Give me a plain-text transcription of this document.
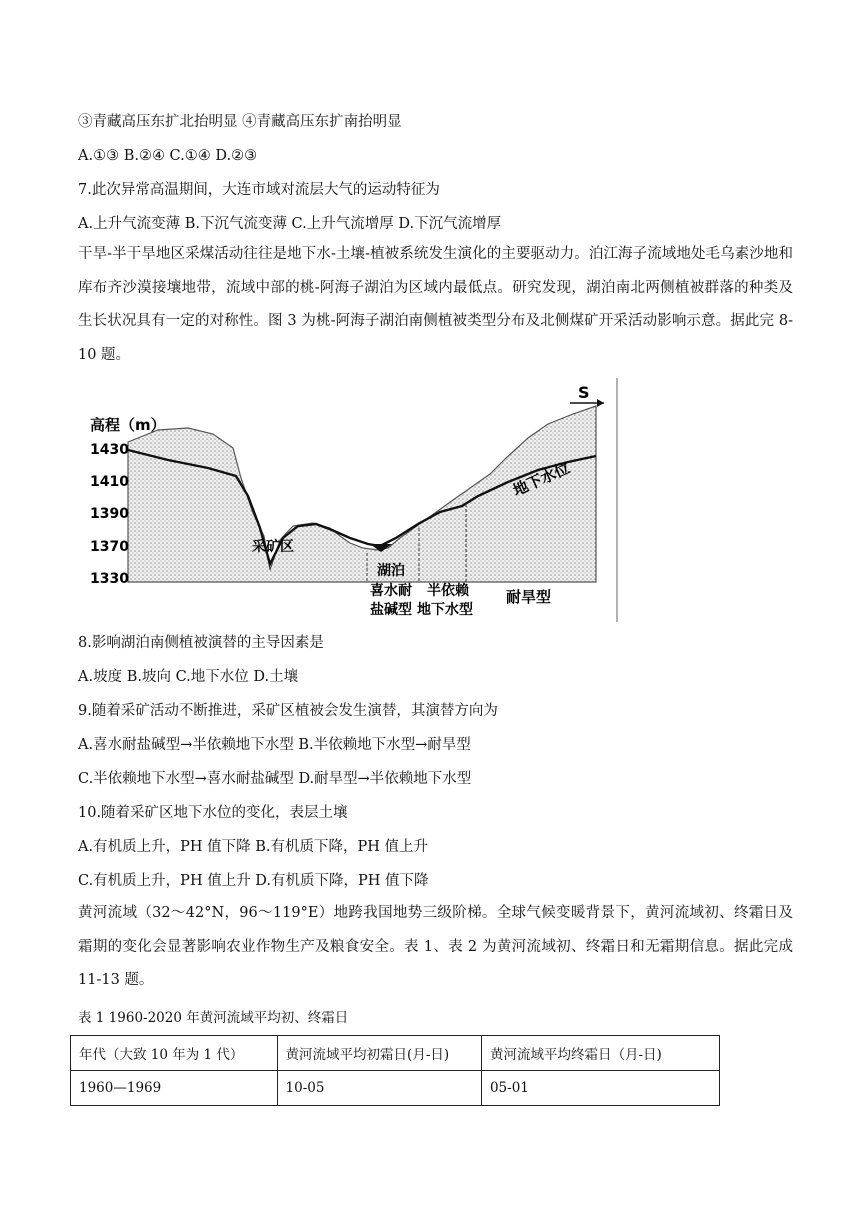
③青藏高压东扩北抬明显 ④青藏高压东扩南抬明显
A.①③ B.②④ C.①④ D.②③
7.此次异常高温期间，大连市域对流层大气的运动特征为
A.上升气流变薄 B.下沉气流变薄 C.上升气流增厚 D.下沉气流增厚
干旱-半干旱地区采煤活动往往是地下水-土壤-植被系统发生演化的主要驱动力。泊江海子流域地处毛乌素沙地和库布齐沙漠接壤地带，流域中部的桃-阿海子湖泊为区域内最低点。研究发现，湖泊南北两侧植被群落的种类及生长状况具有一定的对称性。图 3 为桃-阿海子湖泊南侧植被类型分布及北侧煤矿开采活动影响示意。据此完 8-10 题。
高程（m）
1430
1410
1390
1370
1330
S
采矿区
地下水位
湖泊
喜水耐
盐碱型
半依赖
地下水型
耐旱型
8.影响湖泊南侧植被演替的主导因素是
A.坡度 B.坡向 C.地下水位 D.土壤
9.随着采矿活动不断推进，采矿区植被会发生演替，其演替方向为
A.喜水耐盐碱型→半依赖地下水型 B.半依赖地下水型→耐旱型
C.半依赖地下水型→喜水耐盐碱型 D.耐旱型→半依赖地下水型
10.随着采矿区地下水位的变化，表层土壤
A.有机质上升，PH 值下降 B.有机质下降，PH 值上升
C.有机质上升，PH 值上升 D.有机质下降，PH 值下降
黄河流域（32～42°N，96～119°E）地跨我国地势三级阶梯。全球气候变暖背景下，黄河流域初、终霜日及霜期的变化会显著影响农业作物生产及粮食安全。表 1、表 2 为黄河流域初、终霜日和无霜期信息。据此完成 11-13 题。
表 1 1960-2020 年黄河流域平均初、终霜日
年代（大致 10 年为 1 代）	黄河流域平均初霜日(月-日)	黄河流域平均终霜日（月-日)
1960—1969	10-05	05-01
